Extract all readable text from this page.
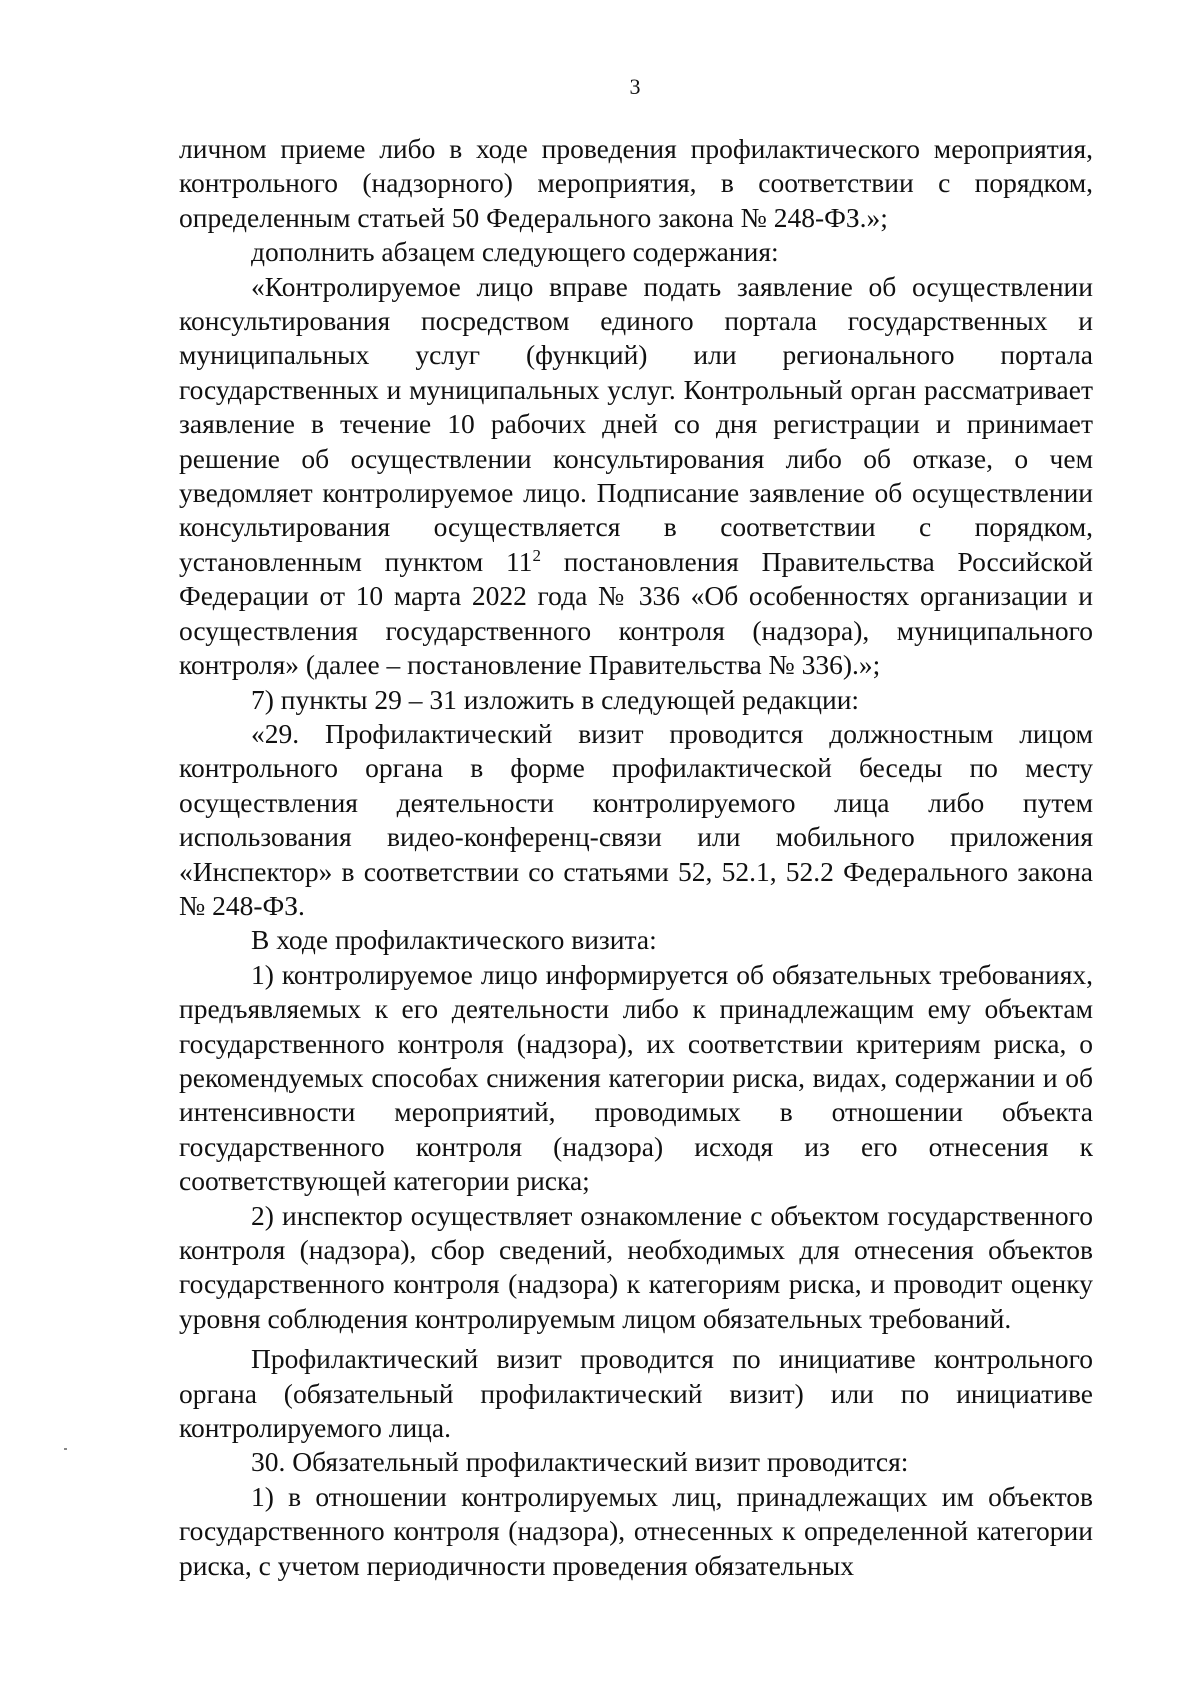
3

личном приеме либо в ходе проведения профилактического мероприятия, контрольного (надзорного) мероприятия, в соответствии с порядком, определенным статьей 50 Федерального закона № 248-ФЗ.»;

дополнить абзацем следующего содержания:

«Контролируемое лицо вправе подать заявление об осуществлении консультирования посредством единого портала государственных и муниципальных услуг (функций) или регионального портала государственных и муниципальных услуг. Контрольный орган рассматривает заявление в течение 10 рабочих дней со дня регистрации и принимает решение об осуществлении консультирования либо об отказе, о чем уведомляет контролируемое лицо. Подписание заявление об осуществлении консультирования осуществляется в соответствии с порядком, установленным пунктом $11^2$ постановления Правительства Российской Федерации от 10 марта 2022 года № 336 «Об особенностях организации и осуществления государственного контроля (надзора), муниципального контроля» (далее – постановление Правительства № 336).»;

7) пункты 29 – 31 изложить в следующей редакции:

«29. Профилактический визит проводится должностным лицом контрольного органа в форме профилактической беседы по месту осуществления деятельности контролируемого лица либо путем использования видео-конференц-связи или мобильного приложения «Инспектор» в соответствии со статьями 52, 52.1, 52.2 Федерального закона № 248-ФЗ.

В ходе профилактического визита:

1) контролируемое лицо информируется об обязательных требованиях, предъявляемых к его деятельности либо к принадлежащим ему объектам государственного контроля (надзора), их соответствии критериям риска, о рекомендуемых способах снижения категории риска, видах, содержании и об интенсивности мероприятий, проводимых в отношении объекта государственного контроля (надзора) исходя из его отнесения к соответствующей категории риска;

2) инспектор осуществляет ознакомление с объектом государственного контроля (надзора), сбор сведений, необходимых для отнесения объектов государственного контроля (надзора) к категориям риска, и проводит оценку уровня соблюдения контролируемым лицом обязательных требований.

Профилактический визит проводится по инициативе контрольного органа (обязательный профилактический визит) или по инициативе контролируемого лица.

30. Обязательный профилактический визит проводится:

1) в отношении контролируемых лиц, принадлежащих им объектов государственного контроля (надзора), отнесенных к определенной категории риска, с учетом периодичности проведения обязательных
